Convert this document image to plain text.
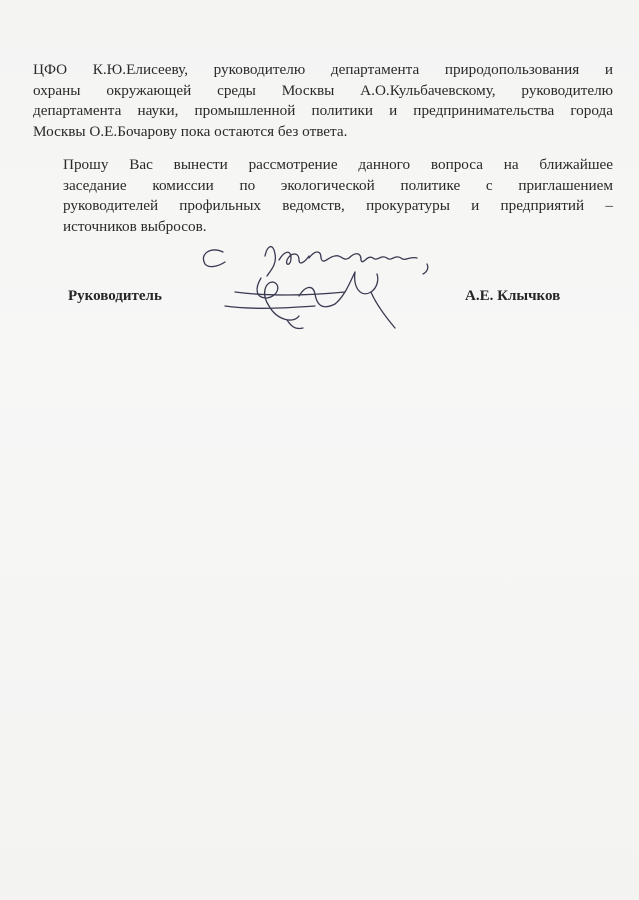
ЦФО К.Ю.Елисееву, руководителю департамента природопользования и
охраны окружающей среды Москвы А.О.Кульбачевскому, руководителю
департамента науки, промышленной политики и предпринимательства города
Москвы О.Е.Бочарову пока остаются без ответа.

Прошу Вас вынести рассмотрение данного вопроса на ближайшее
заседание комиссии по экологической политике с приглашением
руководителей профильных ведомств, прокуратуры и предприятий –
источников выбросов.

Руководитель	А.Е. Клычков
